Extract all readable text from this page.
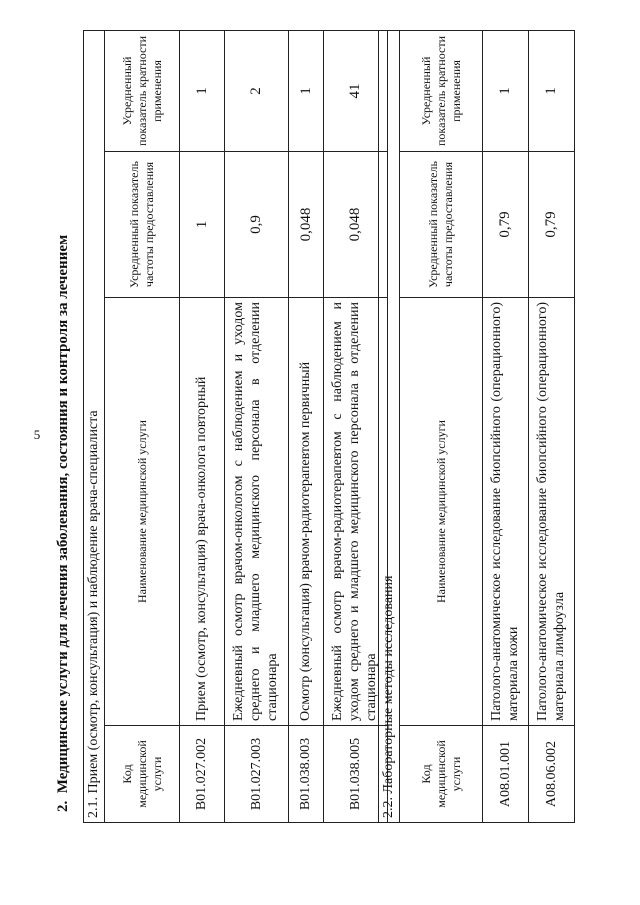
5 2. Медицинские услуги для лечения заболевания, состояния и контроля за лечением 2.1. Прием (осмотр, консультация) и наблюдение врача-специалиста			
Код медицинской услуги	Наименование медицинской услуги	Усредненный показатель частоты предоставления	Усредненный показатель кратности применения
B01.027.002	Прием (осмотр, консультация) врача-онколога повторный	1	1
B01.027.003	Ежедневный осмотр врачом-онкологом с наблюдением и уходом среднего и младшего медицинского персонала в отделении стационара	0,9	2
B01.038.003	Осмотр (консультация) врачом-радиотерапевтом первичный	0,048	1
B01.038.005	Ежедневный осмотр врачом-радиотерапевтом с наблюдением и уходом среднего и младшего медицинского персонала в отделении стационара	0,048	41
2.2. Лабораторные методы исследования			
Код медицинской услуги	Наименование медицинской услуги	Усредненный показатель частоты предоставления	Усредненный показатель кратности применения
A08.01.001	Патолого-анатомическое исследование биопсийного (операционного) материала кожи	0,79	1
A08.06.002	Патолого-анатомическое исследование биопсийного (операционного) материала лимфоузла	0,79	1
